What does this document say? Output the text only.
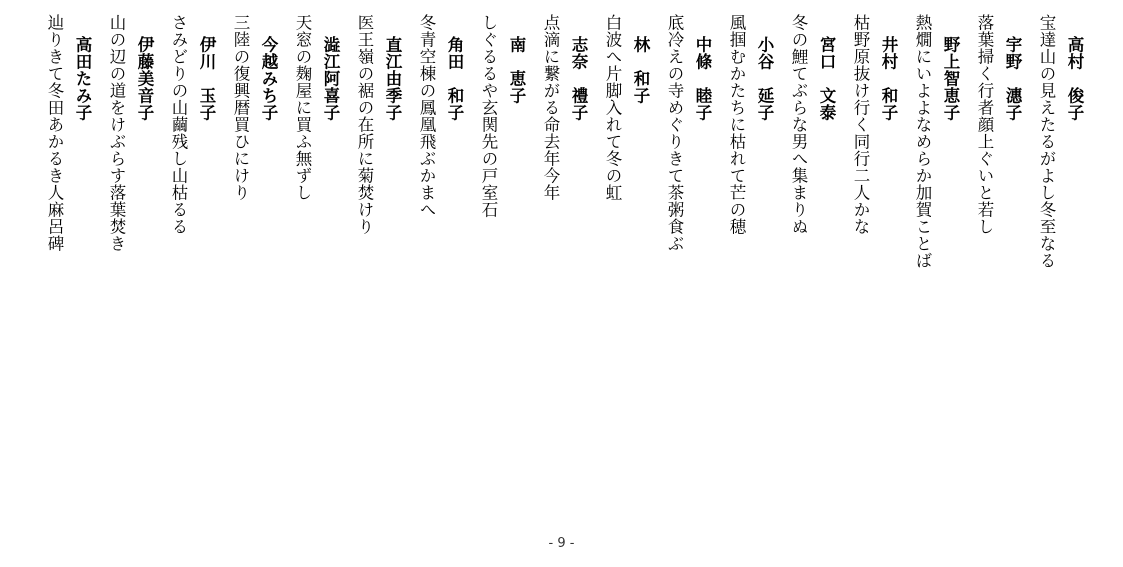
高村　俊子
宝達山の見えたるがよし冬至なる
宇野　潓子
落葉掃く行者顔上ぐいと若し
野上智恵子
熱燗にいよよなめらか加賀ことば
井村　和子
枯野原抜け行く同行二人かな
宮口　文泰
冬の鯉てぶらな男へ集まりぬ
小谷　延子
風掴むかたちに枯れて芒の穂
中條　睦子
底冷えの寺めぐりきて茶粥食ぶ
林　和子
白波へ片脚入れて冬の虹
志奈　禮子
点滴に繋がる命去年今年
南　恵子
しぐるるや玄関先の戸室石
角田　和子
冬青空棟の鳳凰飛ぶかまへ
直江由季子
医王嶺の裾の在所に菊焚けり
澁江阿喜子
天窓の麹屋に買ふ無ずし
今越みち子
三陸の復興暦買ひにけり
伊川　玉子
さみどりの山繭残し山枯るる
伊藤美音子
山の辺の道をけぶらす落葉焚き
高田たみ子
辿りきて冬田あかるき人麻呂碑
- 9 -
